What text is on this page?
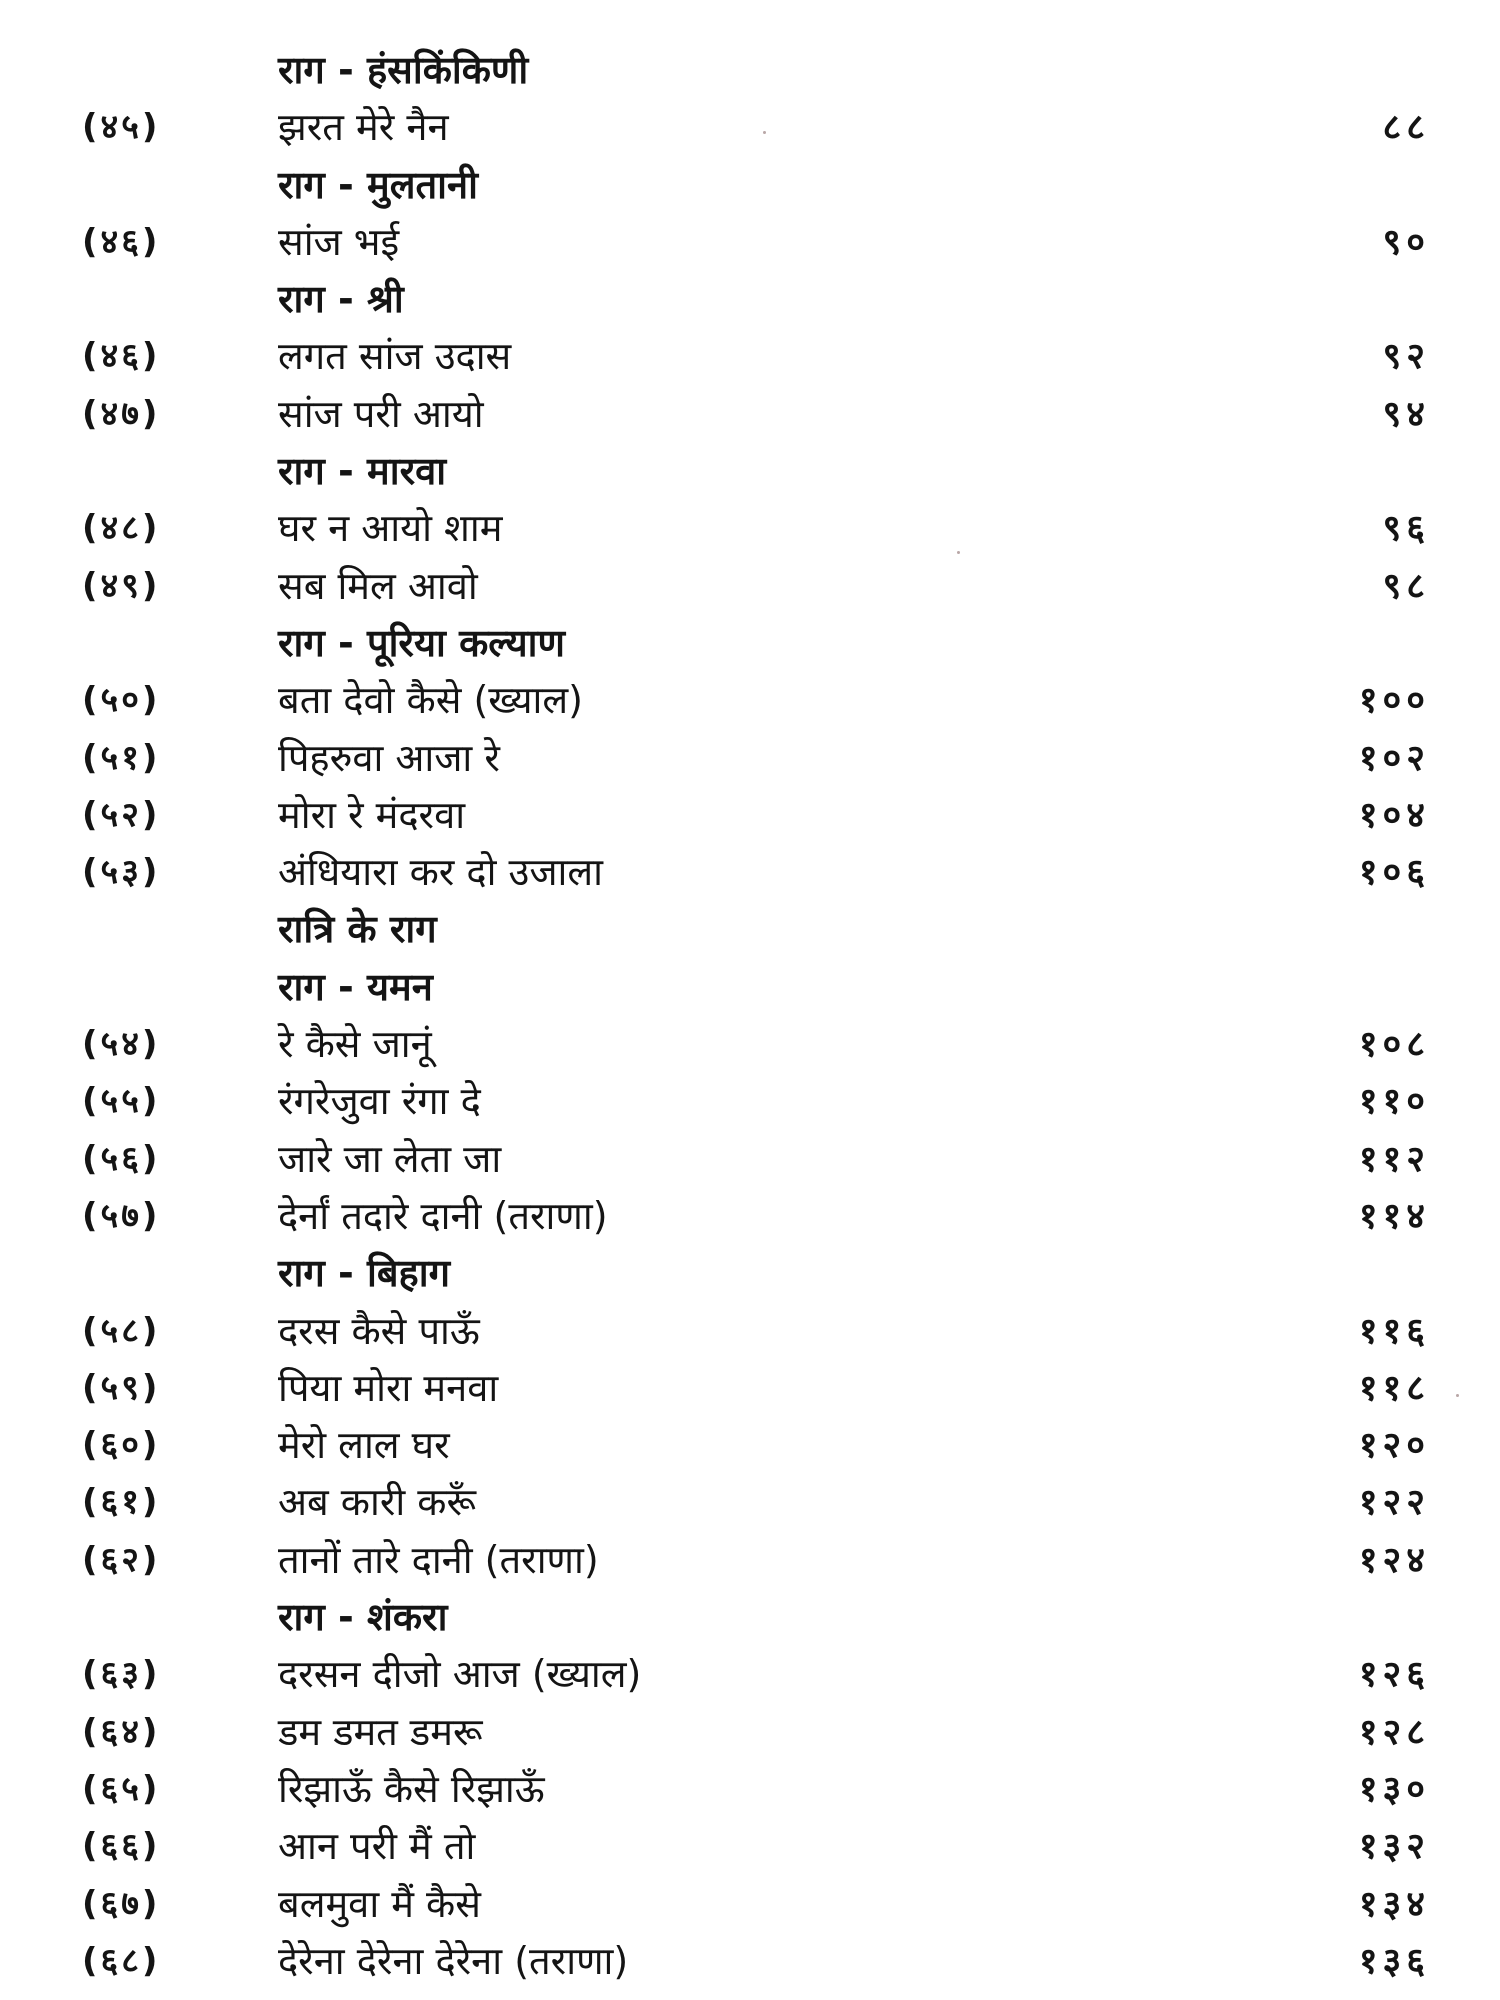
राग - हंसकिंकिणी
(४५)	झरत मेरे नैन	८८
राग - मुलतानी
(४६)	सांज भई	९०
राग - श्री
(४६)	लगत सांज उदास	९२
(४७)	सांज परी आयो	९४
राग - मारवा
(४८)	घर न आयो शाम	९६
(४९)	सब मिल आवो	९८
राग - पूरिया कल्याण
(५०)	बता देवो कैसे (ख्याल)	१००
(५१)	पिहरुवा आजा रे	१०२
(५२)	मोरा रे मंदरवा	१०४
(५३)	अंधियारा कर दो उजाला	१०६
रात्रि के राग
राग - यमन
(५४)	रे कैसे जानूं	१०८
(५५)	रंगरेजुवा रंगा दे	११०
(५६)	जारे जा लेता जा	११२
(५७)	देर्नां तदारे दानी (तराणा)	११४
राग - बिहाग
(५८)	दरस कैसे पाऊँ	११६
(५९)	पिया मोरा मनवा	११८
(६०)	मेरो लाल घर	१२०
(६१)	अब कारी करूँ	१२२
(६२)	तानों तारे दानी (तराणा)	१२४
राग - शंकरा
(६३)	दरसन दीजो आज (ख्याल)	१२६
(६४)	डम डमत डमरू	१२८
(६५)	रिझाऊँ कैसे रिझाऊँ	१३०
(६६)	आन परी मैं तो	१३२
(६७)	बलमुवा मैं कैसे	१३४
(६८)	देरेना देरेना देरेना (तराणा)	१३६
